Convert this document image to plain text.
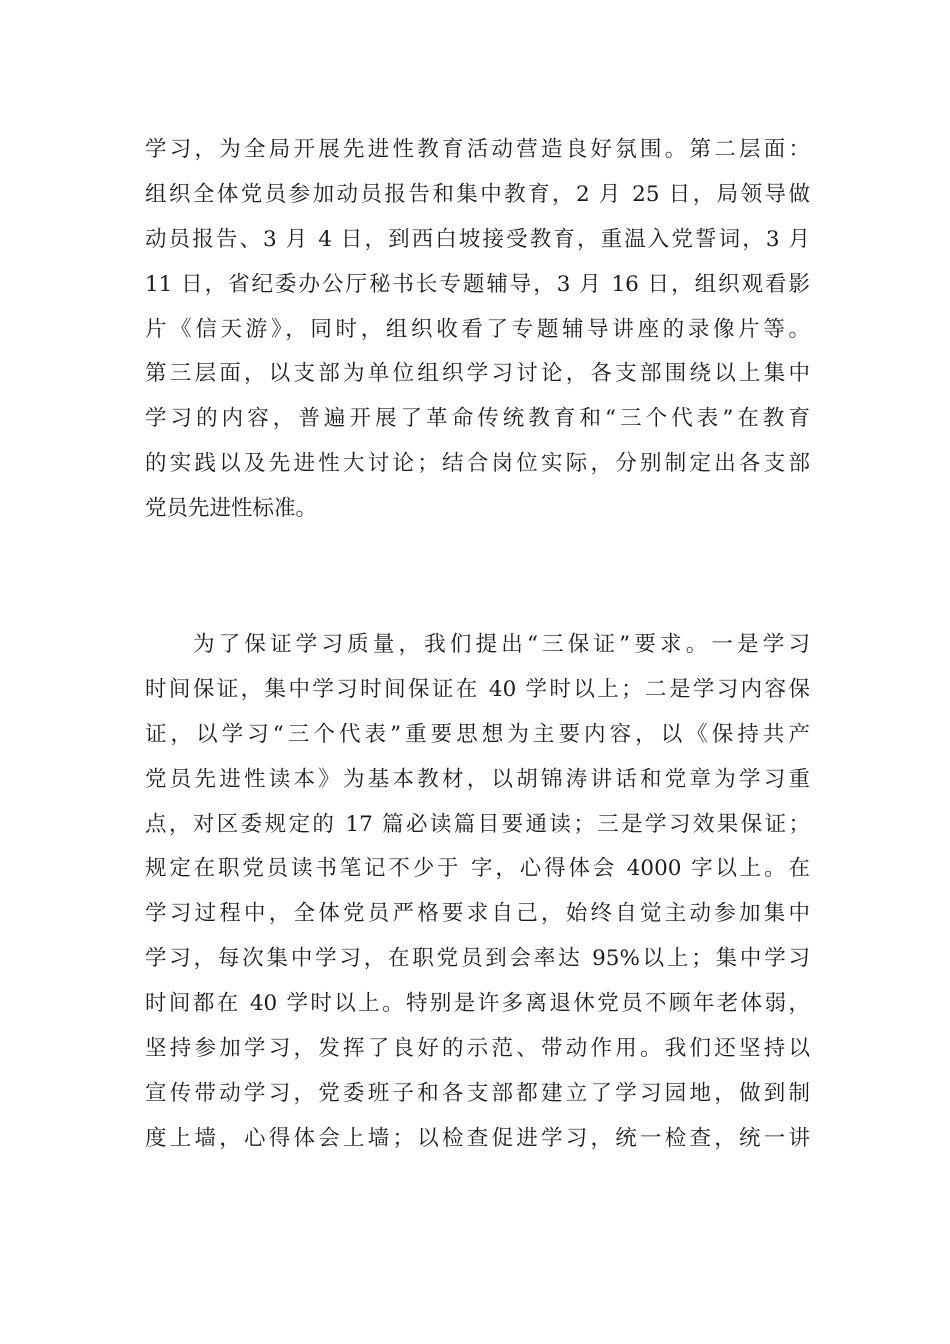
学习，为全局开展先进性教育活动营造良好氛围。第二层面：
组织全体党员参加动员报告和集中教育，2 月 25 日，局领导做
动员报告、3 月 4 日，到西白坡接受教育，重温入党誓词，3 月
11 日，省纪委办公厅秘书长专题辅导，3 月 16 日，组织观看影
片《信天游》，同时，组织收看了专题辅导讲座的录像片等。
第三层面，以支部为单位组织学习讨论，各支部围绕以上集中
学习的内容，普遍开展了革命传统教育和“三个代表”在教育
的实践以及先进性大讨论；结合岗位实际，分别制定出各支部
党员先进性标准。
为了保证学习质量，我们提出“三保证”要求。一是学习
时间保证，集中学习时间保证在 40 学时以上；二是学习内容保
证，以学习“三个代表”重要思想为主要内容，以《保持共产
党员先进性读本》为基本教材，以胡锦涛讲话和党章为学习重
点，对区委规定的 17 篇必读篇目要通读；三是学习效果保证；
规定在职党员读书笔记不少于 字，心得体会 4000 字以上。在
学习过程中，全体党员严格要求自己，始终自觉主动参加集中
学习，每次集中学习，在职党员到会率达 95%以上；集中学习
时间都在 40 学时以上。特别是许多离退休党员不顾年老体弱，
坚持参加学习，发挥了良好的示范、带动作用。我们还坚持以
宣传带动学习，党委班子和各支部都建立了学习园地，做到制
度上墙，心得体会上墙；以检查促进学习，统一检查，统一讲
